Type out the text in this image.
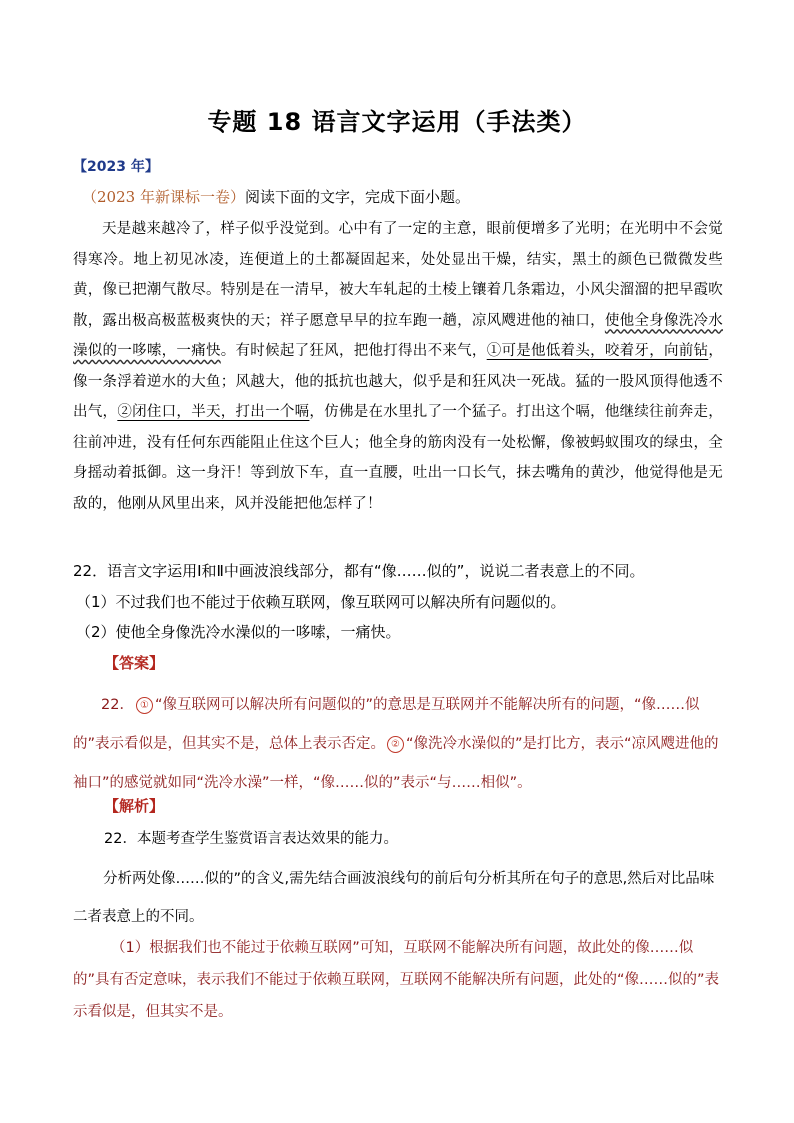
专题 18 语言文字运用（手法类）
【2023 年】
（2023 年新课标一卷）阅读下面的文字，完成下面小题。

天是越来越冷了，样子似乎没觉到。心中有了一定的主意，眼前便增多了光明；在光明中不会觉得寒冷。地上初见冰凌，连便道上的土都凝固起来，处处显出干燥，结实，黑土的颜色已微微发些黄，像已把潮气散尽。特别是在一清早，被大车轧起的土棱上镶着几条霜边，小风尖溜溜的把早霞吹散，露出极高极蓝极爽快的天；祥子愿意早早的拉车跑一趟，凉风飕进他的袖口，使他全身像洗冷水澡似的一哆嗦，一痛快。有时候起了狂风，把他打得出不来气，①可是他低着头，咬着牙，向前钻，像一条浮着逆水的大鱼；风越大，他的抵抗也越大，似乎是和狂风决一死战。猛的一股风顶得他透不出气，②闭住口，半天，打出一个嗝，仿佛是在水里扎了一个猛子。打出这个嗝，他继续往前奔走，往前冲进，没有任何东西能阻止住这个巨人；他全身的筋肉没有一处松懈，像被蚂蚁围攻的绿虫，全身摇动着抵御。这一身汗！等到放下车，直一直腰，吐出一口长气，抹去嘴角的黄沙，他觉得他是无敌的，他刚从风里出来，风并没能把他怎样了！

22．语言文字运用Ⅰ和Ⅱ中画波浪线部分，都有“像……似的”，说说二者表意上的不同。
（1）不过我们也不能过于依赖互联网，像互联网可以解决所有问题似的。
（2）使他全身像洗冷水澡似的一哆嗦，一痛快。
【答案】

22． ① “像互联网可以解决所有问题似的”的意思是互联网并不能解决所有的问题，“像……似的”表示看似是，但其实不是，总体上表示否定。 ② “像洗冷水澡似的”是打比方，表示“凉风飕进他的袖口”的感觉就如同“洗冷水澡”一样，“像……似的”表示“与……相似”。

【解析】
22．本题考查学生鉴赏语言表达效果的能力。

分析两处像……似的”的含义,需先结合画波浪线句的前后句分析其所在句子的意思,然后对比品味二者表意上的不同。

（1）根据我们也不能过于依赖互联网”可知，互联网不能解决所有问题，故此处的像……似的”具有否定意味，表示我们不能过于依赖互联网，互联网不能解决所有问题，此处的“像……似的”表示看似是，但其实不是。
